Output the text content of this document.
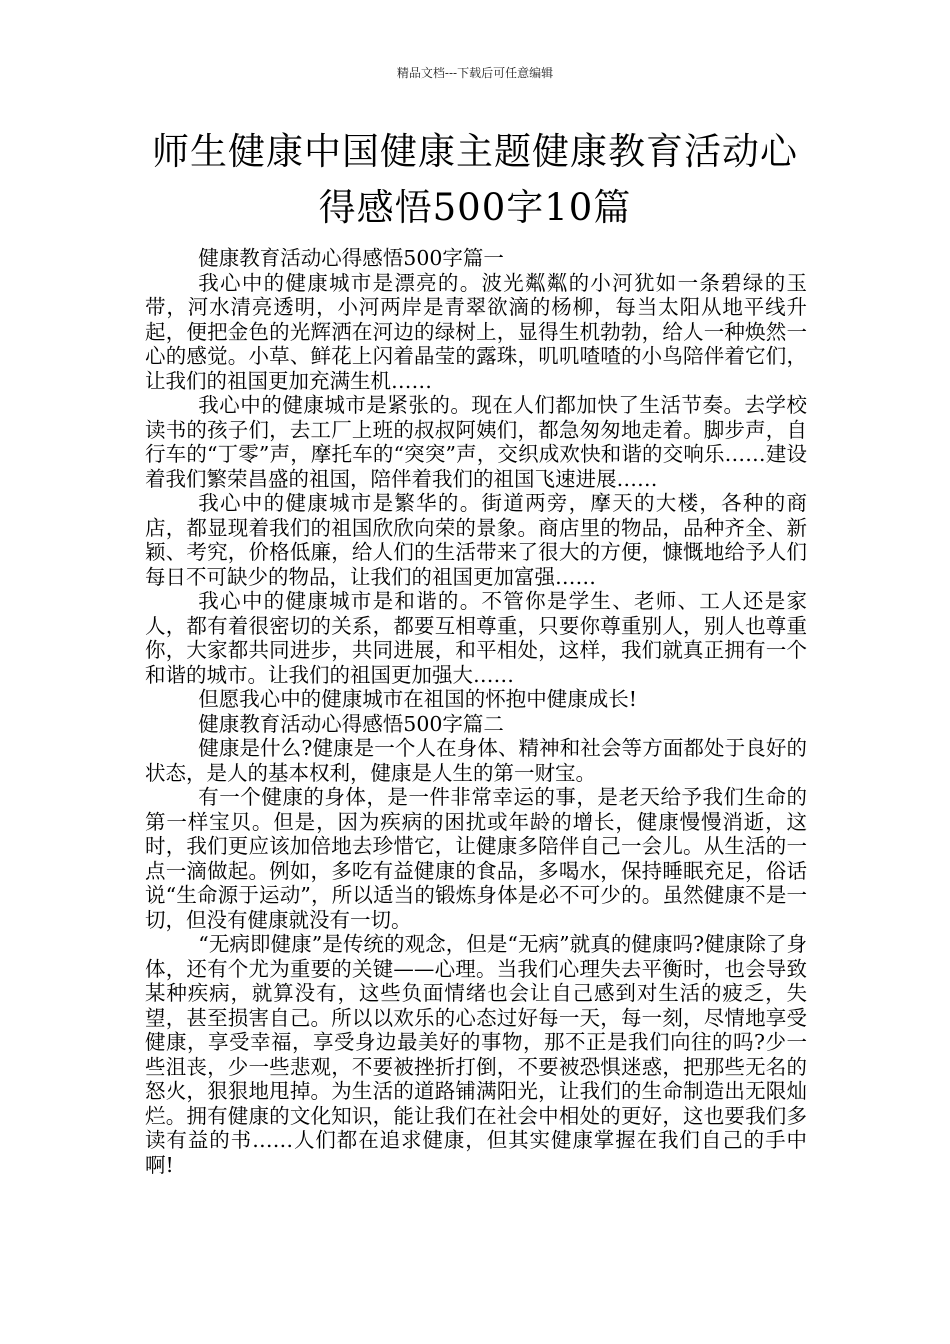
精品文档---下载后可任意编辑
师生健康中国健康主题健康教育活动心得感悟500字10篇

健康教育活动心得感悟500字篇一

我心中的健康城市是漂亮的。波光粼粼的小河犹如一条碧绿的玉带，河水清亮透明，小河两岸是青翠欲滴的杨柳，每当太阳从地平线升起，便把金色的光辉洒在河边的绿树上，显得生机勃勃，给人一种焕然一心的感觉。小草、鲜花上闪着晶莹的露珠，叽叽喳喳的小鸟陪伴着它们，让我们的祖国更加充满生机……

我心中的健康城市是紧张的。现在人们都加快了生活节奏。去学校读书的孩子们，去工厂上班的叔叔阿姨们，都急匆匆地走着。脚步声，自行车的“丁零”声，摩托车的“突突”声，交织成欢快和谐的交响乐……建设着我们繁荣昌盛的祖国，陪伴着我们的祖国飞速进展……

我心中的健康城市是繁华的。街道两旁，摩天的大楼，各种的商店，都显现着我们的祖国欣欣向荣的景象。商店里的物品，品种齐全、新颖、考究，价格低廉，给人们的生活带来了很大的方便，慷慨地给予人们每日不可缺少的物品，让我们的祖国更加富强……

我心中的健康城市是和谐的。不管你是学生、老师、工人还是家人，都有着很密切的关系，都要互相尊重，只要你尊重别人，别人也尊重你，大家都共同进步，共同进展，和平相处，这样，我们就真正拥有一个和谐的城市。让我们的祖国更加强大……

但愿我心中的健康城市在祖国的怀抱中健康成长!

健康教育活动心得感悟500字篇二

健康是什么?健康是一个人在身体、精神和社会等方面都处于良好的状态，是人的基本权利，健康是人生的第一财宝。

有一个健康的身体，是一件非常幸运的事，是老天给予我们生命的第一样宝贝。但是，因为疾病的困扰或年龄的增长，健康慢慢消逝，这时，我们更应该加倍地去珍惜它，让健康多陪伴自己一会儿。从生活的一点一滴做起。例如，多吃有益健康的食品，多喝水，保持睡眠充足，俗话说“生命源于运动”，所以适当的锻炼身体是必不可少的。虽然健康不是一切，但没有健康就没有一切。

“无病即健康”是传统的观念，但是“无病”就真的健康吗?健康除了身体，还有个尤为重要的关键——心理。当我们心理失去平衡时，也会导致某种疾病，就算没有，这些负面情绪也会让自己感到对生活的疲乏，失望，甚至损害自己。所以以欢乐的心态过好每一天，每一刻，尽情地享受健康，享受幸福，享受身边最美好的事物，那不正是我们向往的吗?少一些沮丧，少一些悲观，不要被挫折打倒，不要被恐惧迷惑，把那些无名的怒火，狠狠地甩掉。为生活的道路铺满阳光，让我们的生命制造出无限灿烂。拥有健康的文化知识，能让我们在社会中相处的更好，这也要我们多读有益的书……人们都在追求健康，但其实健康掌握在我们自己的手中啊!
